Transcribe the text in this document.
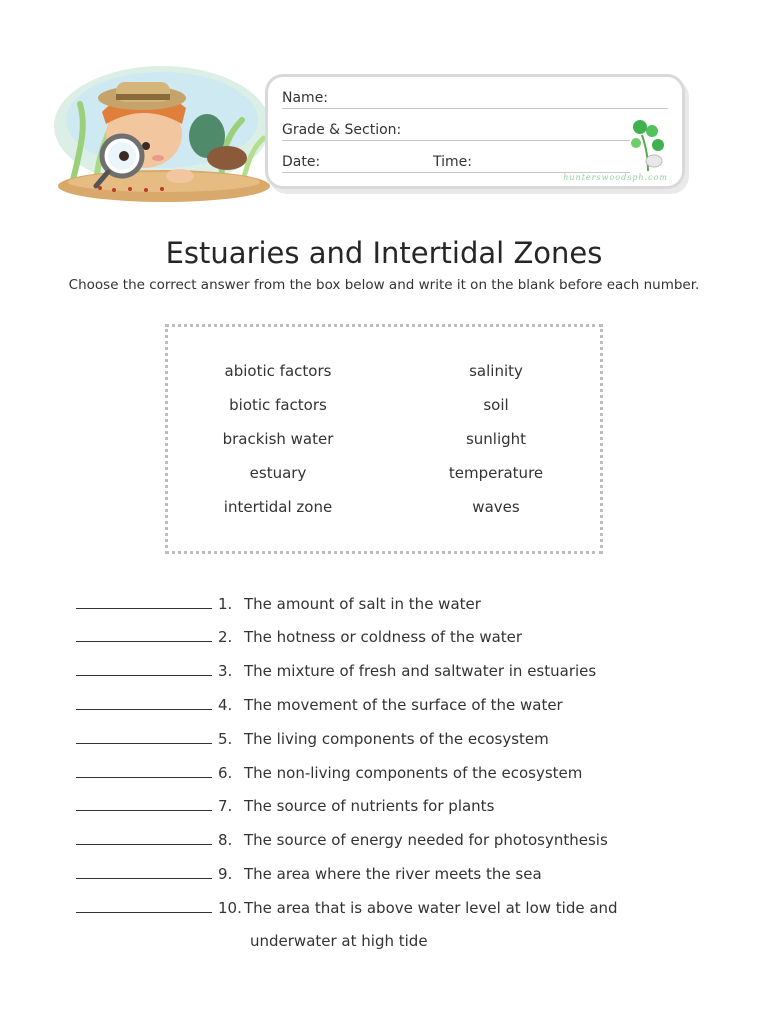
Name:
Grade & Section:
Date:	Time:
hunterswoodsph.com
Estuaries and Intertidal Zones
Choose the correct answer from the box below and write it on the blank before each number.
abiotic factors
biotic factors
brackish water
estuary
intertidal zone
salinity
soil
sunlight
temperature
waves
1. The amount of salt in the water
2. The hotness or coldness of the water
3. The mixture of fresh and saltwater in estuaries
4. The movement of the surface of the water
5. The living components of the ecosystem
6. The non-living components of the ecosystem
7. The source of nutrients for plants
8. The source of energy needed for photosynthesis
9. The area where the river meets the sea
10. The area that is above water level at low tide and
underwater at high tide
